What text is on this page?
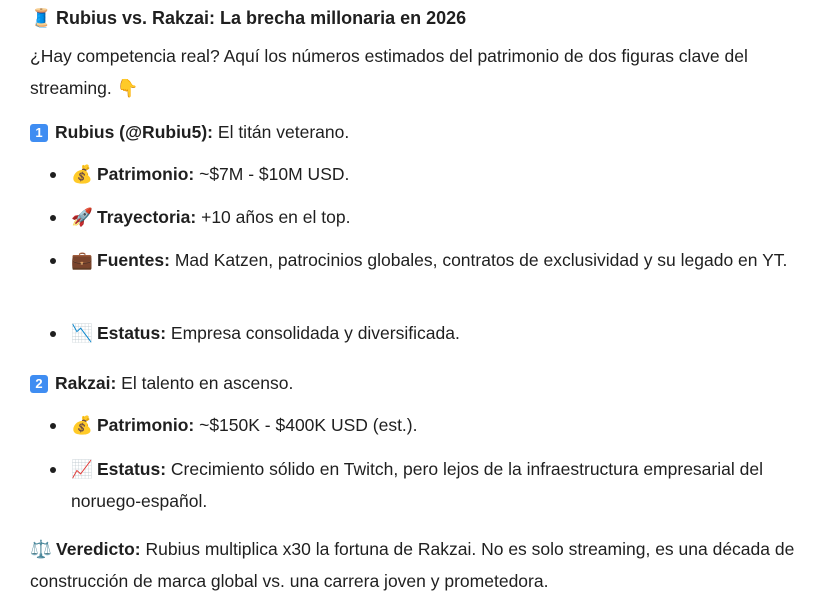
🧵 Rubius vs. Rakzai: La brecha millonaria en 2026
¿Hay competencia real? Aquí los números estimados del patrimonio de dos figuras clave del streaming. 👇
1 Rubius (@Rubiu5): El titán veterano.
💰 Patrimonio: ~$7M - $10M USD.
🚀 Trayectoria: +10 años en el top.
💼 Fuentes: Mad Katzen, patrocinios globales, contratos de exclusividad y su legado en YT.
📉 Estatus: Empresa consolidada y diversificada.
2 Rakzai: El talento en ascenso.
💰 Patrimonio: ~$150K - $400K USD (est.).
📈 Estatus: Crecimiento sólido en Twitch, pero lejos de la infraestructura empresarial del noruego-español.
⚖️ Veredicto: Rubius multiplica x30 la fortuna de Rakzai. No es solo streaming, es una década de construcción de marca global vs. una carrera joven y prometedora.
